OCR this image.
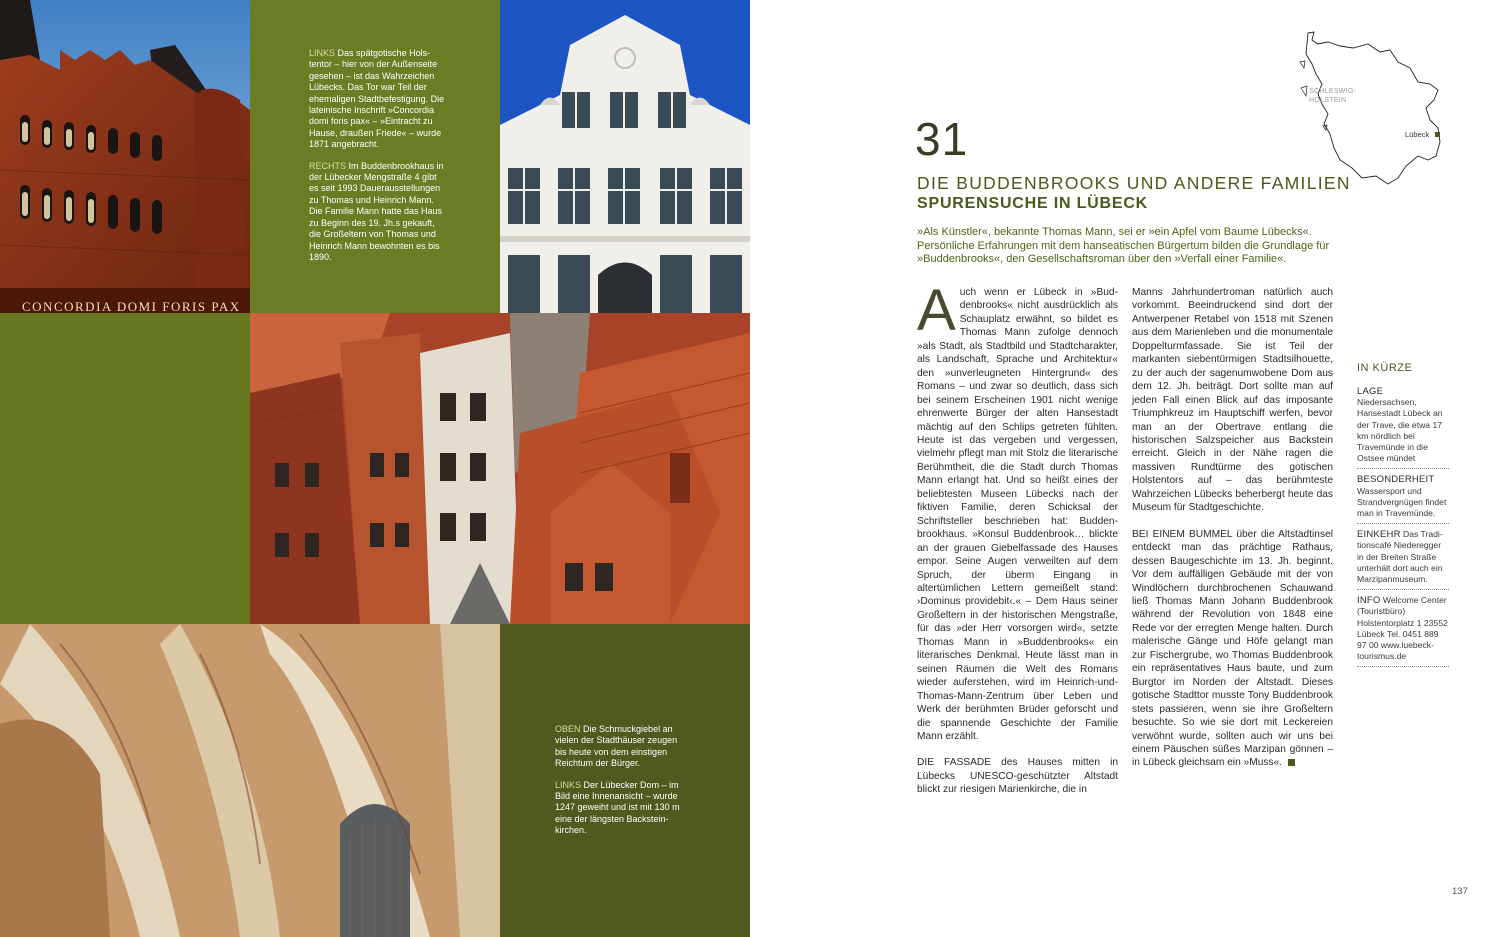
CONCORDIA DOMI FORIS PAX

LINKS Das spätgotische Holstentor – hier von der Außenseite gesehen – ist das Wahrzeichen Lübecks. Das Tor war Teil der ehemaligen Stadtbefestigung. Die lateinische Inschrift »Concordia domi foris pax« – »Eintracht zu Hause, draußen Friede« – wurde 1871 angebracht.

RECHTS Im Buddenbrookhaus in der Lübecker Mengstraße 4 gibt es seit 1993 Dauerausstellungen zu Thomas und Heinrich Mann. Die Familie Mann hatte das Haus zu Beginn des 19. Jh.s gekauft, die Großeltern von Thomas und Heinrich Mann bewohnten es bis 1890.

OBEN Die Schmuckgiebel an vielen der Stadthäuser zeugen bis heute von dem einstigen Reichtum der Bürger.

LINKS Der Lübecker Dom – im Bild eine Innenansicht – wurde 1247 geweiht und ist mit 130 m eine der längsten Backsteinkirchen.

SCHLESWIG-
HOLSTEIN
Lübeck
31
DIE BUDDENBROOKS UND ANDERE FAMILIEN
SPURENSUCHE IN LÜBECK
»Als Künstler«, bekannte Thomas Mann, sei er »ein Apfel vom Baume Lübecks«. Persönliche Erfahrungen mit dem hanseatischen Bürgertum bilden die Grundlage für »Buddenbrooks«, den Gesellschaftsroman über den »Verfall einer Familie«.

Auch wenn er Lübeck in »Buddenbrooks« nicht ausdrücklich als Schauplatz erwähnt, so bildet es Thomas Mann zufolge dennoch »als Stadt, als Stadtbild und Stadtcharakter, als Landschaft, Sprache und Architektur« den »unverleugneten Hintergrund« des Romans – und zwar so deutlich, dass sich bei seinem Erscheinen 1901 nicht wenige ehrenwerte Bürger der alten Hansestadt mächtig auf den Schlips getreten fühlten. Heute ist das vergeben und vergessen, vielmehr pflegt man mit Stolz die literarische Berühmtheit, die die Stadt durch Thomas Mann erlangt hat. Und so heißt eines der beliebtesten Museen Lübecks nach der fiktiven Familie, deren Schicksal der Schriftsteller beschrieben hat: Buddenbrookhaus. »Konsul Buddenbrook… blickte an der grauen Giebelfassade des Hauses empor. Seine Augen verweilten auf dem Spruch, der überm Eingang in altertümlichen Lettern gemeißelt stand: ›Dominus providebit‹.« – Dem Haus seiner Großeltern in der historischen Mengstraße, für das »der Herr vorsorgen wird«, setzte Thomas Mann in »Buddenbrooks« ein literarisches Denkmal. Heute lässt man in seinen Räumen die Welt des Romans wieder auferstehen, wird im Heinrich-und-Thomas-Mann-Zentrum über Leben und Werk der berühmten Brüder geforscht und die spannende Geschichte der Familie Mann erzählt.

DIE FASSADE des Hauses mitten in Lübecks UNESCO-geschützter Altstadt blickt zur riesigen Marienkirche, die in

Manns Jahrhundertroman natürlich auch vorkommt. Beeindruckend sind dort der Antwerpener Retabel von 1518 mit Szenen aus dem Marienleben und die monumentale Doppelturmfassade. Sie ist Teil der markanten siebentürmigen Stadtsilhouette, zu der auch der sagenumwobene Dom aus dem 12. Jh. beiträgt. Dort sollte man auf jeden Fall einen Blick auf das imposante Triumphkreuz im Hauptschiff werfen, bevor man an der Obertrave entlang die historischen Salzspeicher aus Backstein erreicht. Gleich in der Nähe ragen die massiven Rundtürme des gotischen Holstentors auf – das berühmteste Wahrzeichen Lübecks beherbergt heute das Museum für Stadtgeschichte.

BEI EINEM BUMMEL über die Altstadtinsel entdeckt man das prächtige Rathaus, dessen Baugeschichte im 13. Jh. beginnt. Vor dem auffälligen Gebäude mit der von Windlöchern durchbrochenen Schauwand ließ Thomas Mann Johann Buddenbrook während der Revolution von 1848 eine Rede vor der erregten Menge halten. Durch malerische Gänge und Höfe gelangt man zur Fischergrube, wo Thomas Buddenbrook ein repräsentatives Haus baute, und zum Burgtor im Norden der Altstadt. Dieses gotische Stadttor musste Tony Buddenbrook stets passieren, wenn sie ihre Großeltern besuchte. So wie sie dort mit Leckereien verwöhnt wurde, sollten auch wir uns bei einem Päuschen süßes Marzipan gönnen – in Lübeck gleichsam ein »Muss«.

IN KÜRZE
LAGE
Niedersachsen, Hansestadt Lübeck an der Trave, die etwa 17 km nördlich bei Travemünde in die Ostsee mündet
BESONDERHEIT
Wassersport und Strandvergnügen findet man in Travemünde.
EINKEHR Das Traditionscafé Niederegger in der Breiten Straße unterhält dort auch ein Marzipanmuseum.
INFO Welcome Center (Touristbüro) Holstentorplatz 1 23552 Lübeck Tel. 0451 889 97 00 www.luebeck-tourismus.de
137
